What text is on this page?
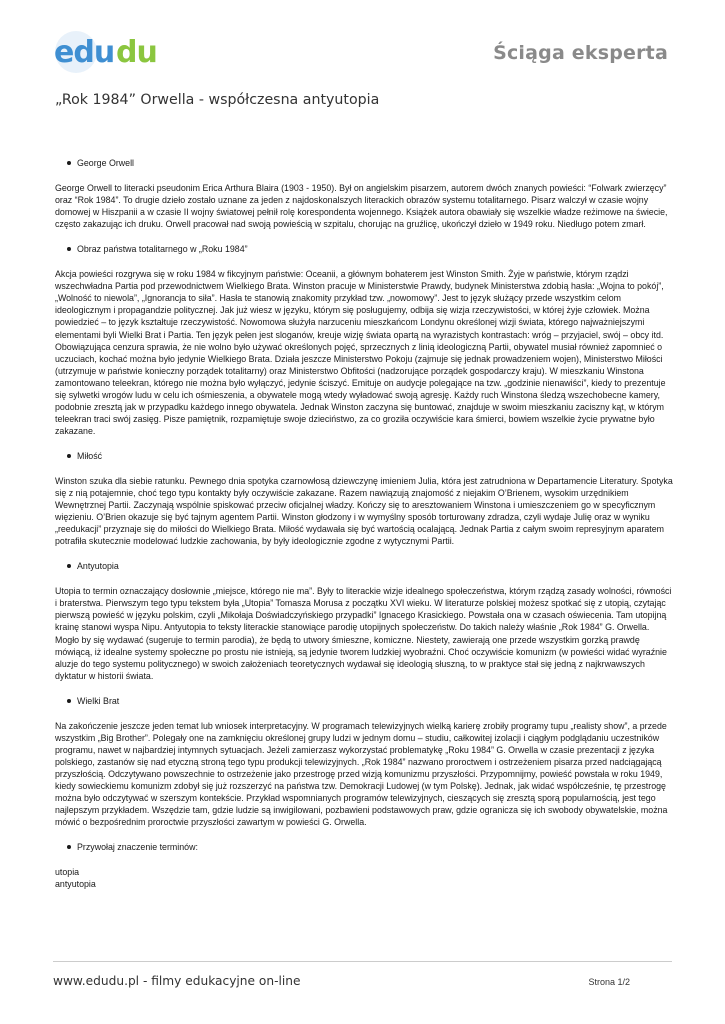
edu du	Ściąga eksperta
„Rok 1984” Orwella - współczesna antyutopia
George Orwell

George Orwell to literacki pseudonim Erica Arthura Blaira (1903 - 1950). Był on angielskim pisarzem, autorem dwóch znanych powieści: “Folwark zwierzęcy” oraz “Rok 1984”. To drugie dzieło zostało uznane za jeden z najdoskonalszych literackich obrazów systemu totalitarnego. Pisarz walczył w czasie wojny domowej w Hiszpanii a w czasie II wojny światowej pełnił rolę korespondenta wojennego. Książek autora obawiały się wszelkie władze reżimowe na świecie, często zakazując ich druku. Orwell pracował nad swoją powieścią w szpitalu, chorując na gruźlicę, ukończył dzieło w 1949 roku. Niedługo potem zmarł.

Obraz państwa totalitarnego w „Roku 1984”

Akcja powieści rozgrywa się w roku 1984 w fikcyjnym państwie: Oceanii, a głównym bohaterem jest Winston Smith. Żyje w państwie, którym rządzi wszechwładna Partia pod przewodnictwem Wielkiego Brata. Winston pracuje w Ministerstwie Prawdy, budynek Ministerstwa zdobią hasła: „Wojna to pokój”, „Wolność to niewola”, „Ignorancja to siła”. Hasła te stanowią znakomity przykład tzw. „nowomowy”. Jest to język służący przede wszystkim celom ideologicznym i propagandzie politycznej. Jak już wiesz w języku, którym się posługujemy, odbija się wizja rzeczywistości, w której żyje człowiek. Można powiedzieć – to język kształtuje rzeczywistość. Nowomowa służyła narzuceniu mieszkańcom Londynu określonej wizji świata, którego najważniejszymi elementami byli Wielki Brat i Partia. Ten język pełen jest sloganów, kreuje wizję świata opartą na wyrazistych kontrastach: wróg – przyjaciel, swój – obcy itd. Obowiązująca cenzura sprawia, że nie wolno było używać określonych pojęć, sprzecznych z linią ideologiczną Partii, obywatel musiał również zapomnieć o uczuciach, kochać można było jedynie Wielkiego Brata. Działa jeszcze Ministerstwo Pokoju (zajmuje się jednak prowadzeniem wojen), Ministerstwo Miłości (utrzymuje w państwie konieczny porządek totalitarny) oraz Ministerstwo Obfitości (nadzorujące porządek gospodarczy kraju). W mieszkaniu Winstona zamontowano teleekran, którego nie można było wyłączyć, jedynie ściszyć. Emituje on audycje polegające na tzw. „godzinie nienawiści”, kiedy to prezentuje się sylwetki wrogów ludu w celu ich ośmieszenia, a obywatele mogą wtedy wyładować swoją agresję. Każdy ruch Winstona śledzą wszechobecne kamery, podobnie zresztą jak w przypadku każdego innego obywatela. Jednak Winston zaczyna się buntować, znajduje w swoim mieszkaniu zaciszny kąt, w którym teleekran traci swój zasięg. Pisze pamiętnik, rozpamiętuje swoje dzieciństwo, za co groziła oczywiście kara śmierci, bowiem wszelkie życie prywatne było zakazane.

Miłość

Winston szuka dla siebie ratunku. Pewnego dnia spotyka czarnowłosą dziewczynę imieniem Julia, która jest zatrudniona w Departamencie Literatury. Spotyka się z nią potajemnie, choć tego typu kontakty były oczywiście zakazane. Razem nawiązują znajomość z niejakim O’Brienem, wysokim urzędnikiem Wewnętrznej Partii. Zaczynają wspólnie spiskować przeciw oficjalnej władzy. Kończy się to aresztowaniem Winstona i umieszczeniem go w specyficznym więzieniu. O’Brien okazuje się być tajnym agentem Partii. Winston głodzony i w wymyślny sposób torturowany zdradza, czyli wydaje Julię oraz w wyniku „reedukacji” przyznaje się do miłości do Wielkiego Brata. Miłość wydawała się być wartością ocalającą. Jednak Partia z całym swoim represyjnym aparatem potrafiła skutecznie modelować ludzkie zachowania, by były ideologicznie zgodne z wytycznymi Partii.

Antyutopia

Utopia to termin oznaczający dosłownie „miejsce, którego nie ma”. Były to literackie wizje idealnego społeczeństwa, którym rządzą zasady wolności, równości i braterstwa. Pierwszym tego typu tekstem była „Utopia” Tomasza Morusa z początku XVI wieku. W literaturze polskiej możesz spotkać się z utopią, czytając pierwszą powieść w języku polskim, czyli „Mikołaja Doświadczyńskiego przypadki” Ignacego Krasickiego. Powstała ona w czasach oświecenia. Tam utopijną krainę stanowi wyspa Nipu. Antyutopia to teksty literackie stanowiące parodię utopijnych społeczeństw. Do takich należy właśnie „Rok 1984” G. Orwella. Mogło by się wydawać (sugeruje to termin parodia), że będą to utwory śmieszne, komiczne. Niestety, zawierają one przede wszystkim gorzką prawdę mówiącą, iż idealne systemy społeczne po prostu nie istnieją, są jedynie tworem ludzkiej wyobraźni. Choć oczywiście komunizm (w powieści widać wyraźnie aluzje do tego systemu politycznego) w swoich założeniach teoretycznych wydawał się ideologią słuszną, to w praktyce stał się jedną z najkrwawszych dyktatur w historii świata.

Wielki Brat

Na zakończenie jeszcze jeden temat lub wniosek interpretacyjny. W programach telewizyjnych wielką karierę zrobiły programy tupu „realisty show”, a przede wszystkim „Big Brother”. Polegały one na zamknięciu określonej grupy ludzi w jednym domu – studiu, całkowitej izolacji i ciągłym podglądaniu uczestników programu, nawet w najbardziej intymnych sytuacjach. Jeżeli zamierzasz wykorzystać problematykę „Roku 1984” G. Orwella w czasie prezentacji z języka polskiego, zastanów się nad etyczną stroną tego typu produkcji telewizyjnych. „Rok 1984” nazwano proroctwem i ostrzeżeniem pisarza przed nadciągającą przyszłością. Odczytywano powszechnie to ostrzeżenie jako przestrogę przed wizją komunizmu przyszłości. Przypomnijmy, powieść powstała w roku 1949, kiedy sowieckiemu komunizm zdobył się już rozszerzyć na państwa tzw. Demokracji Ludowej (w tym Polskę). Jednak, jak widać współcześnie, tę przestrogę można było odczytywać w szerszym kontekście. Przykład wspomnianych programów telewizyjnych, cieszących się zresztą sporą popularnością, jest tego najlepszym przykładem. Wszędzie tam, gdzie ludzie są inwigilowani, pozbawieni podstawowych praw, gdzie ogranicza się ich swobody obywatelskie, można mówić o bezpośrednim proroctwie przyszłości zawartym w powieści G. Orwella.

Przywołaj znaczenie terminów:
utopia
antyutopia
www.edudu.pl - filmy edukacyjne on-line	Strona 1/2
